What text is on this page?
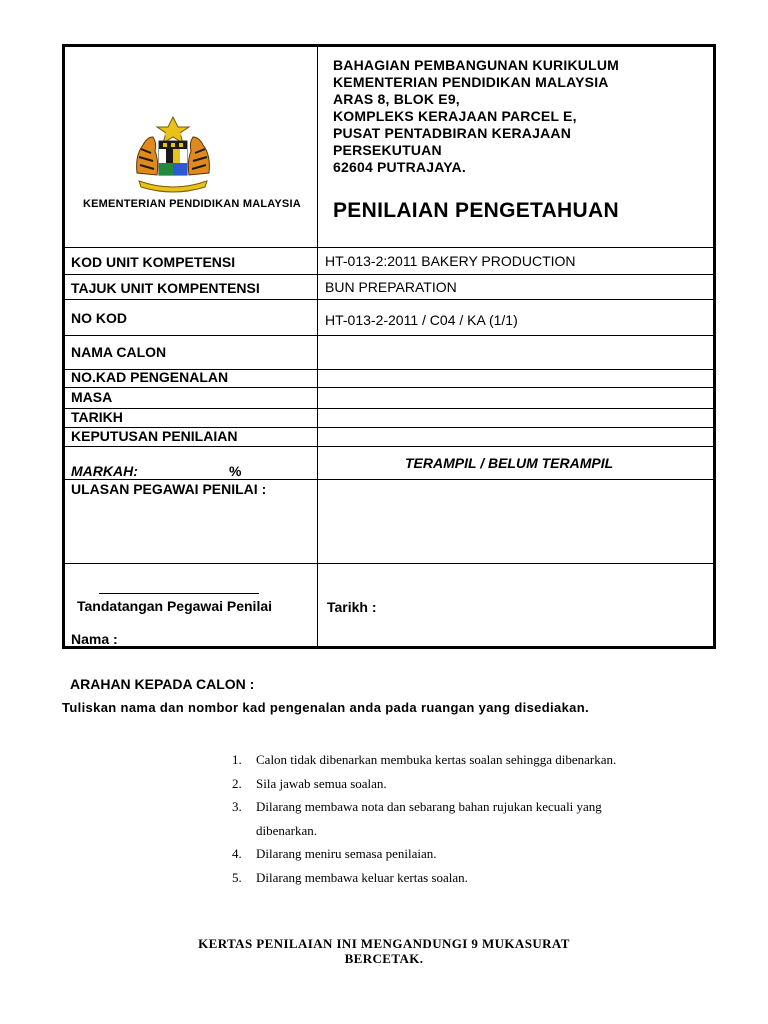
KEMENTERIAN PENDIDIKAN MALAYSIA
BAHAGIAN PEMBANGUNAN KURIKULUM
KEMENTERIAN PENDIDIKAN MALAYSIA
ARAS 8, BLOK E9,
KOMPLEKS KERAJAAN PARCEL E,
PUSAT PENTADBIRAN KERAJAAN
PERSEKUTUAN
62604 PUTRAJAYA.
PENILAIAN PENGETAHUAN
KOD UNIT KOMPETENSI	HT-013-2:2011 BAKERY PRODUCTION
TAJUK UNIT KOMPENTENSI	BUN PREPARATION
NO KOD	HT-013-2-2011 / C04 / KA (1/1)
NAMA CALON
NO.KAD PENGENALAN
MASA
TARIKH
KEPUTUSAN PENILAIAN
MARKAH:	%	TERAMPIL / BELUM TERAMPIL
ULASAN PEGAWAI PENILAI :
Tandatangan Pegawai Penilai
Nama :
Tarikh :
ARAHAN KEPADA CALON :
Tuliskan nama dan nombor kad pengenalan anda pada ruangan yang disediakan.
1. Calon tidak dibenarkan membuka kertas soalan sehingga dibenarkan.
2. Sila jawab semua soalan.
3. Dilarang membawa nota dan sebarang bahan rujukan kecuali yang
dibenarkan.
4. Dilarang meniru semasa penilaian.
5. Dilarang membawa keluar kertas soalan.
KERTAS PENILAIAN INI MENGANDUNGI 9 MUKASURAT
BERCETAK.
